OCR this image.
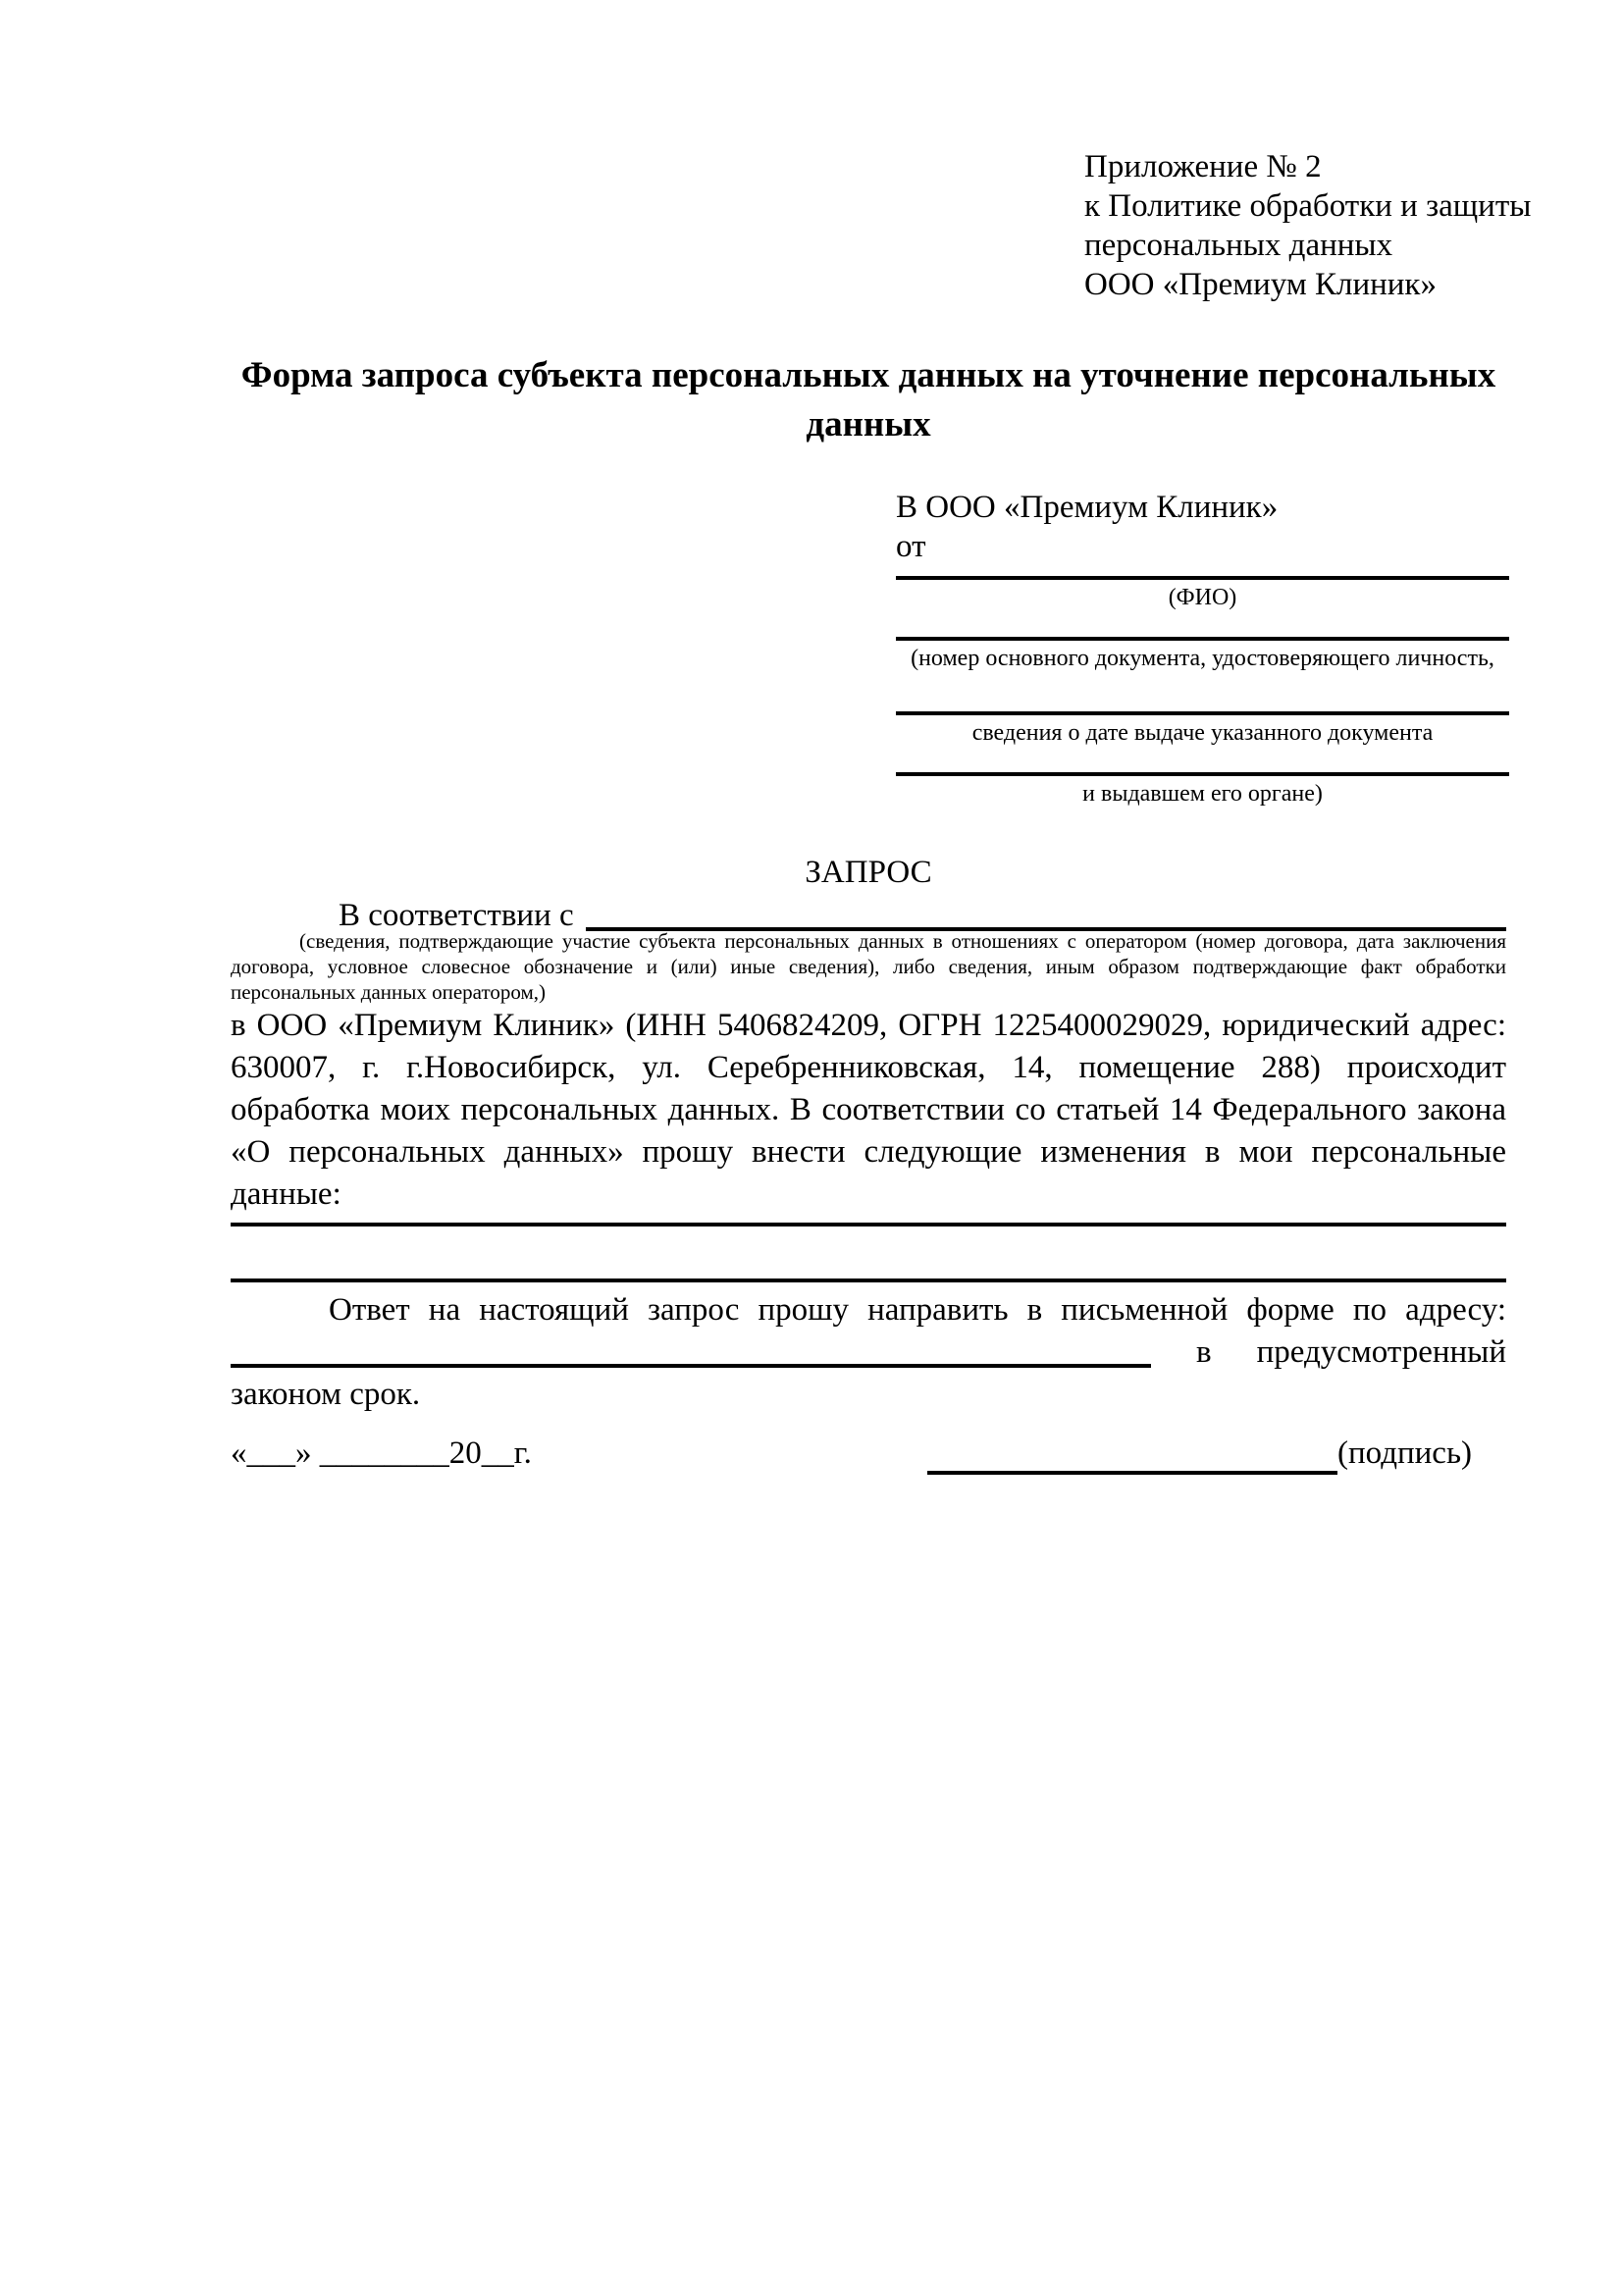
Приложение № 2
к Политике обработки и защиты
персональных данных
ООО «Премиум Клиник»
Форма запроса субъекта персональных данных на уточнение персональных данных
В ООО «Премиум Клиник»
от
(ФИО)
(номер основного документа, удостоверяющего личность,
сведения о дате выдаче указанного документа
и выдавшем его органе)
ЗАПРОС
В соответствии с
(сведения, подтверждающие участие субъекта персональных данных в отношениях с оператором (номер договора, дата заключения договора, условное словесное обозначение и (или) иные сведения), либо сведения, иным образом подтверждающие факт обработки персональных данных оператором,)
в ООО «Премиум Клиник» (ИНН 5406824209, ОГРН 1225400029029, юридический адрес: 630007, г. г.Новосибирск, ул. Серебренниковская, 14, помещение 288) происходит обработка моих персональных данных. В соответствии со статьей 14 Федерального закона «О персональных данных» прошу внести следующие изменения в мои персональные данные:
Ответ на настоящий запрос прошу направить в письменной форме по адресу:
в	предусмотренный
законом срок.
«___» ________20__г.	(подпись)
